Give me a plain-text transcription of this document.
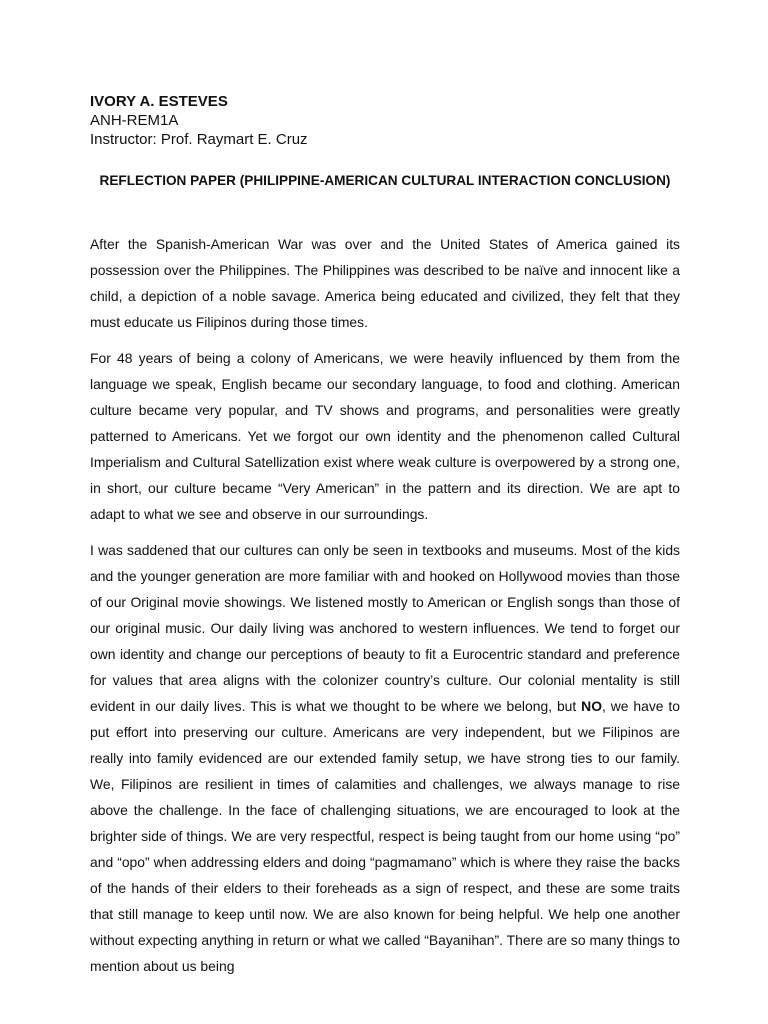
IVORY A. ESTEVES
ANH-REM1A
Instructor: Prof. Raymart E. Cruz
REFLECTION PAPER (PHILIPPINE-AMERICAN CULTURAL INTERACTION CONCLUSION)

After the Spanish-American War was over and the United States of America gained its possession over the Philippines. The Philippines was described to be naïve and innocent like a child, a depiction of a noble savage. America being educated and civilized, they felt that they must educate us Filipinos during those times.

For 48 years of being a colony of Americans, we were heavily influenced by them from the language we speak, English became our secondary language, to food and clothing. American culture became very popular, and TV shows and programs, and personalities were greatly patterned to Americans. Yet we forgot our own identity and the phenomenon called Cultural Imperialism and Cultural Satellization exist where weak culture is overpowered by a strong one, in short, our culture became “Very American” in the pattern and its direction. We are apt to adapt to what we see and observe in our surroundings.

I was saddened that our cultures can only be seen in textbooks and museums. Most of the kids and the younger generation are more familiar with and hooked on Hollywood movies than those of our Original movie showings. We listened mostly to American or English songs than those of our original music. Our daily living was anchored to western influences. We tend to forget our own identity and change our perceptions of beauty to fit a Eurocentric standard and preference for values that area aligns with the colonizer country’s culture. Our colonial mentality is still evident in our daily lives. This is what we thought to be where we belong, but NO, we have to put effort into preserving our culture. Americans are very independent, but we Filipinos are really into family evidenced are our extended family setup, we have strong ties to our family. We, Filipinos are resilient in times of calamities and challenges, we always manage to rise above the challenge. In the face of challenging situations, we are encouraged to look at the brighter side of things. We are very respectful, respect is being taught from our home using “po” and “opo” when addressing elders and doing “pagmamano” which is where they raise the backs of the hands of their elders to their foreheads as a sign of respect, and these are some traits that still manage to keep until now. We are also known for being helpful. We help one another without expecting anything in return or what we called “Bayanihan”. There are so many things to mention about us being
